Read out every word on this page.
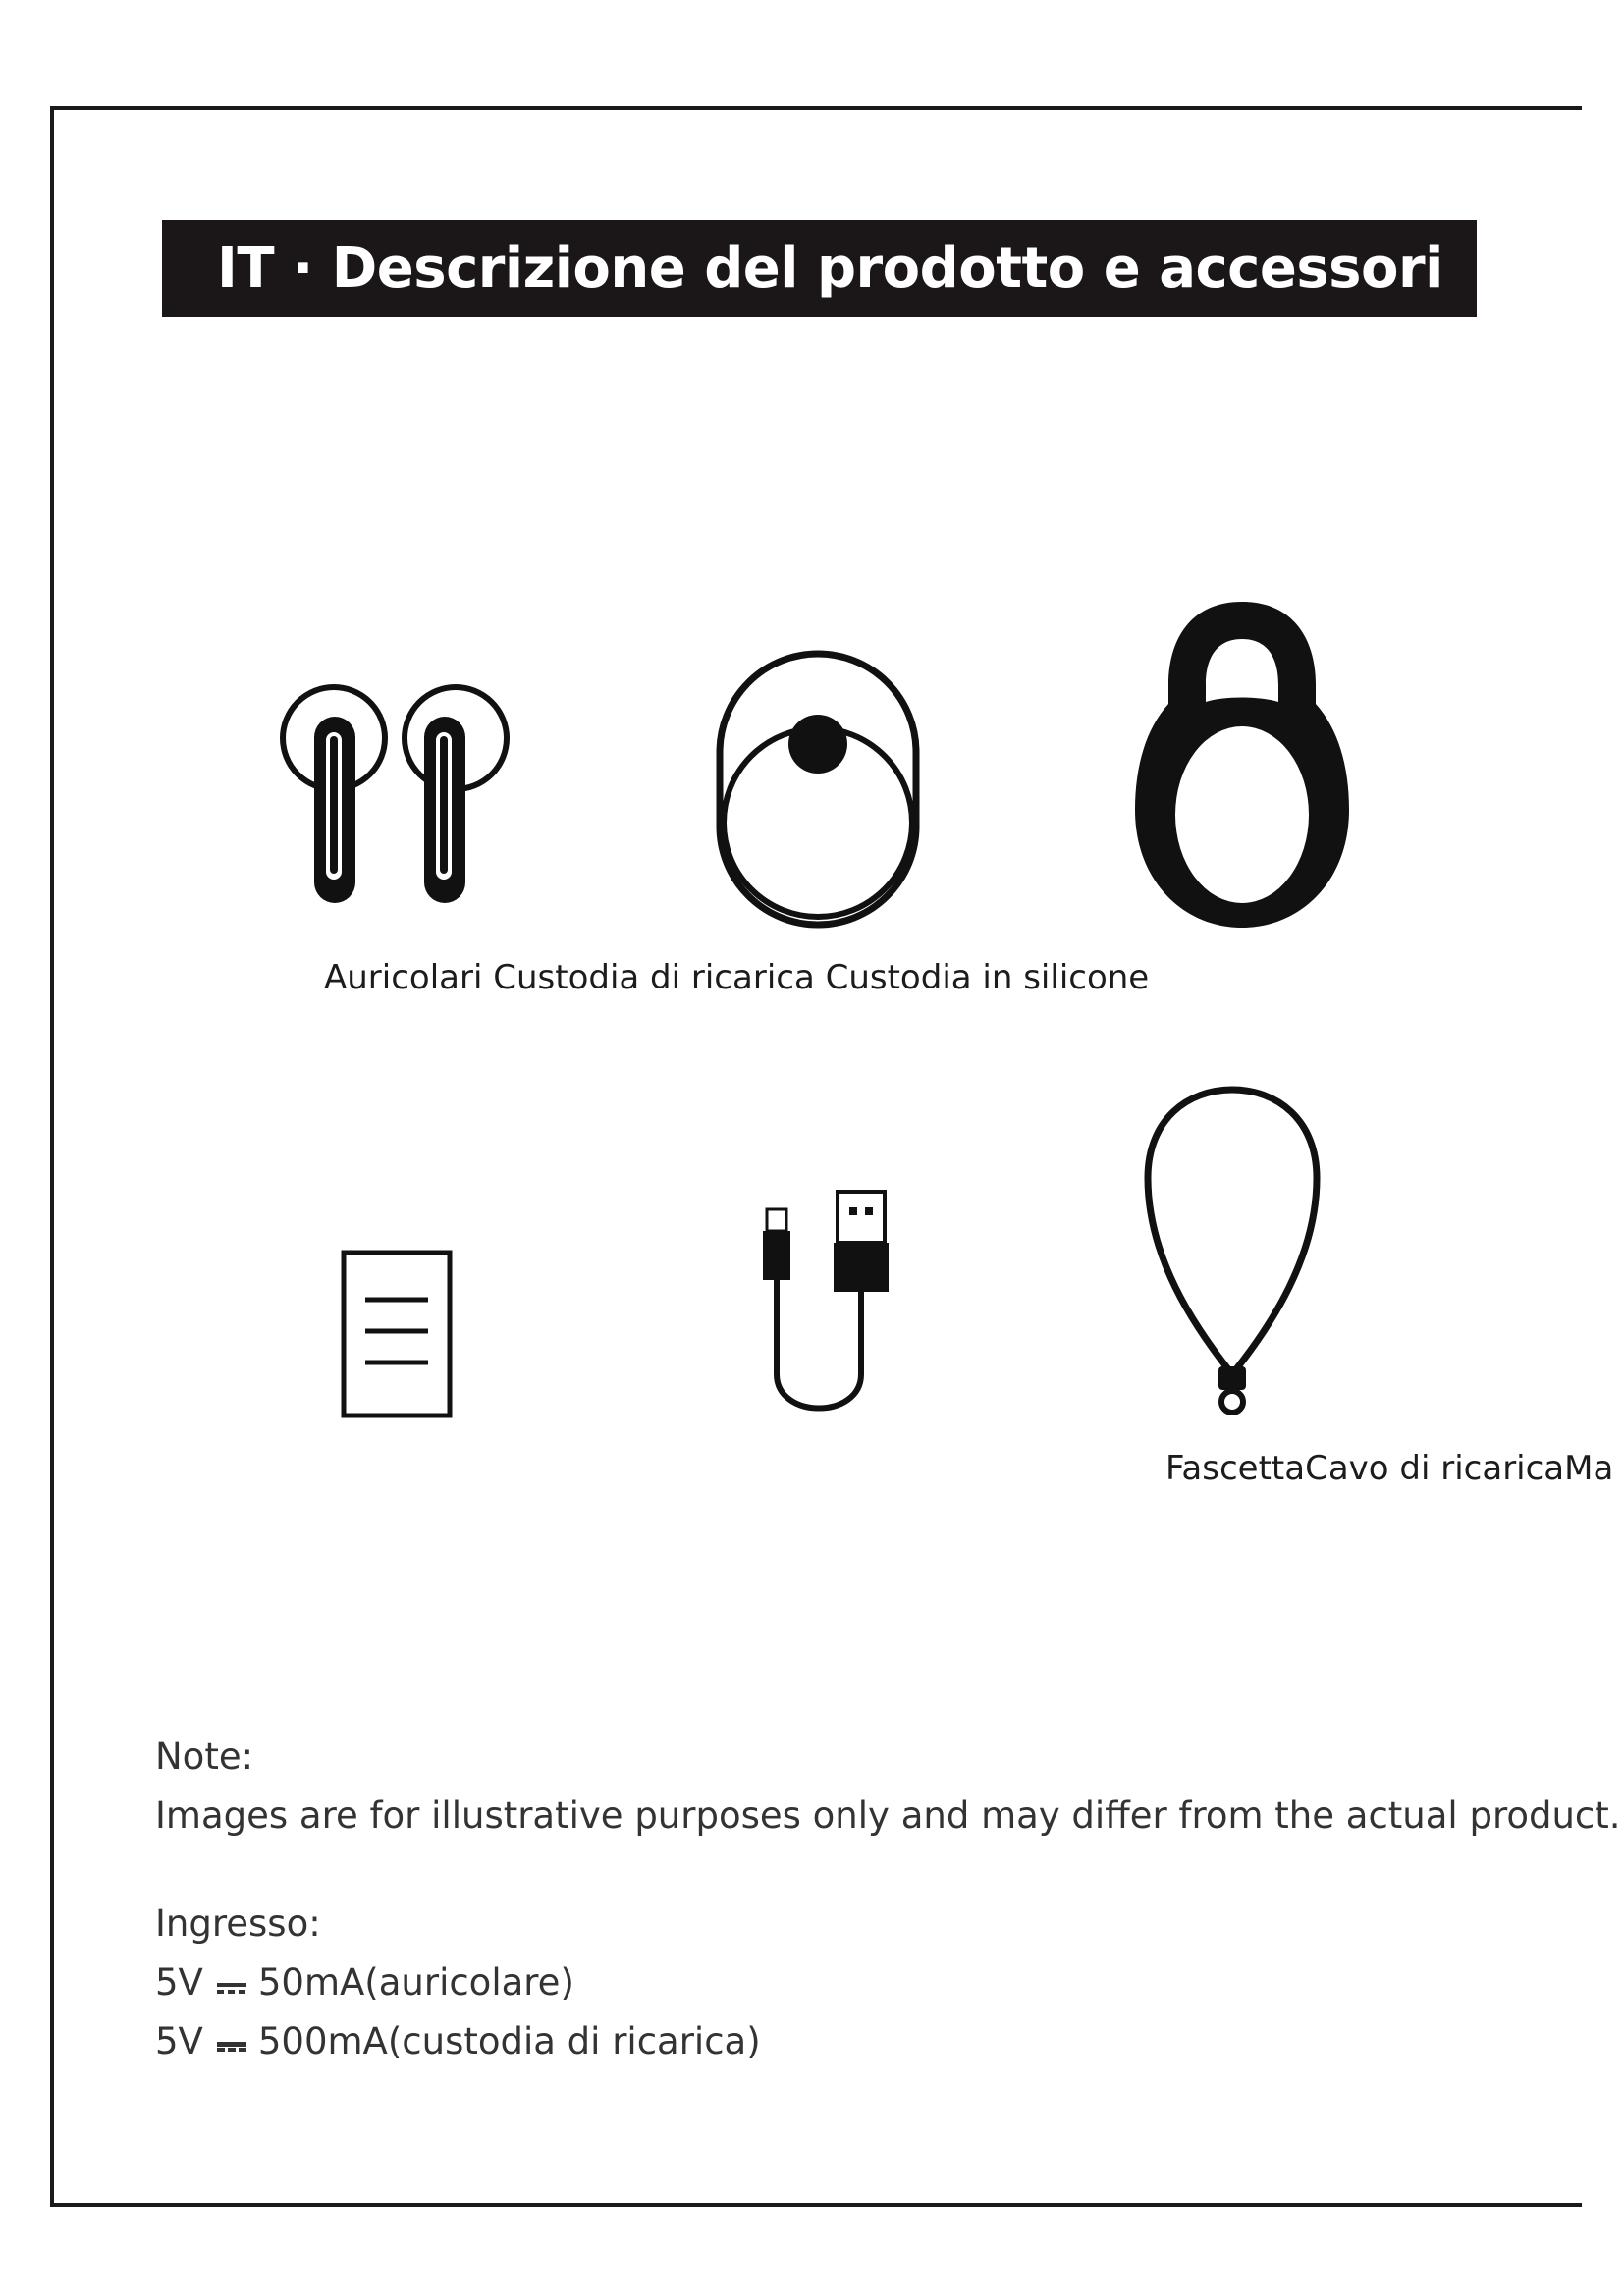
IT · Descrizione del prodotto e accessori
Auricolari Custodia di ricarica Custodia in silicone
FascettaCavo di ricaricaMa
Note:
Images are for illustrative purposes only and may differ from the actual product.
Ingresso:
5V 50mA(auricolare)
5V 500mA(custodia di ricarica)
